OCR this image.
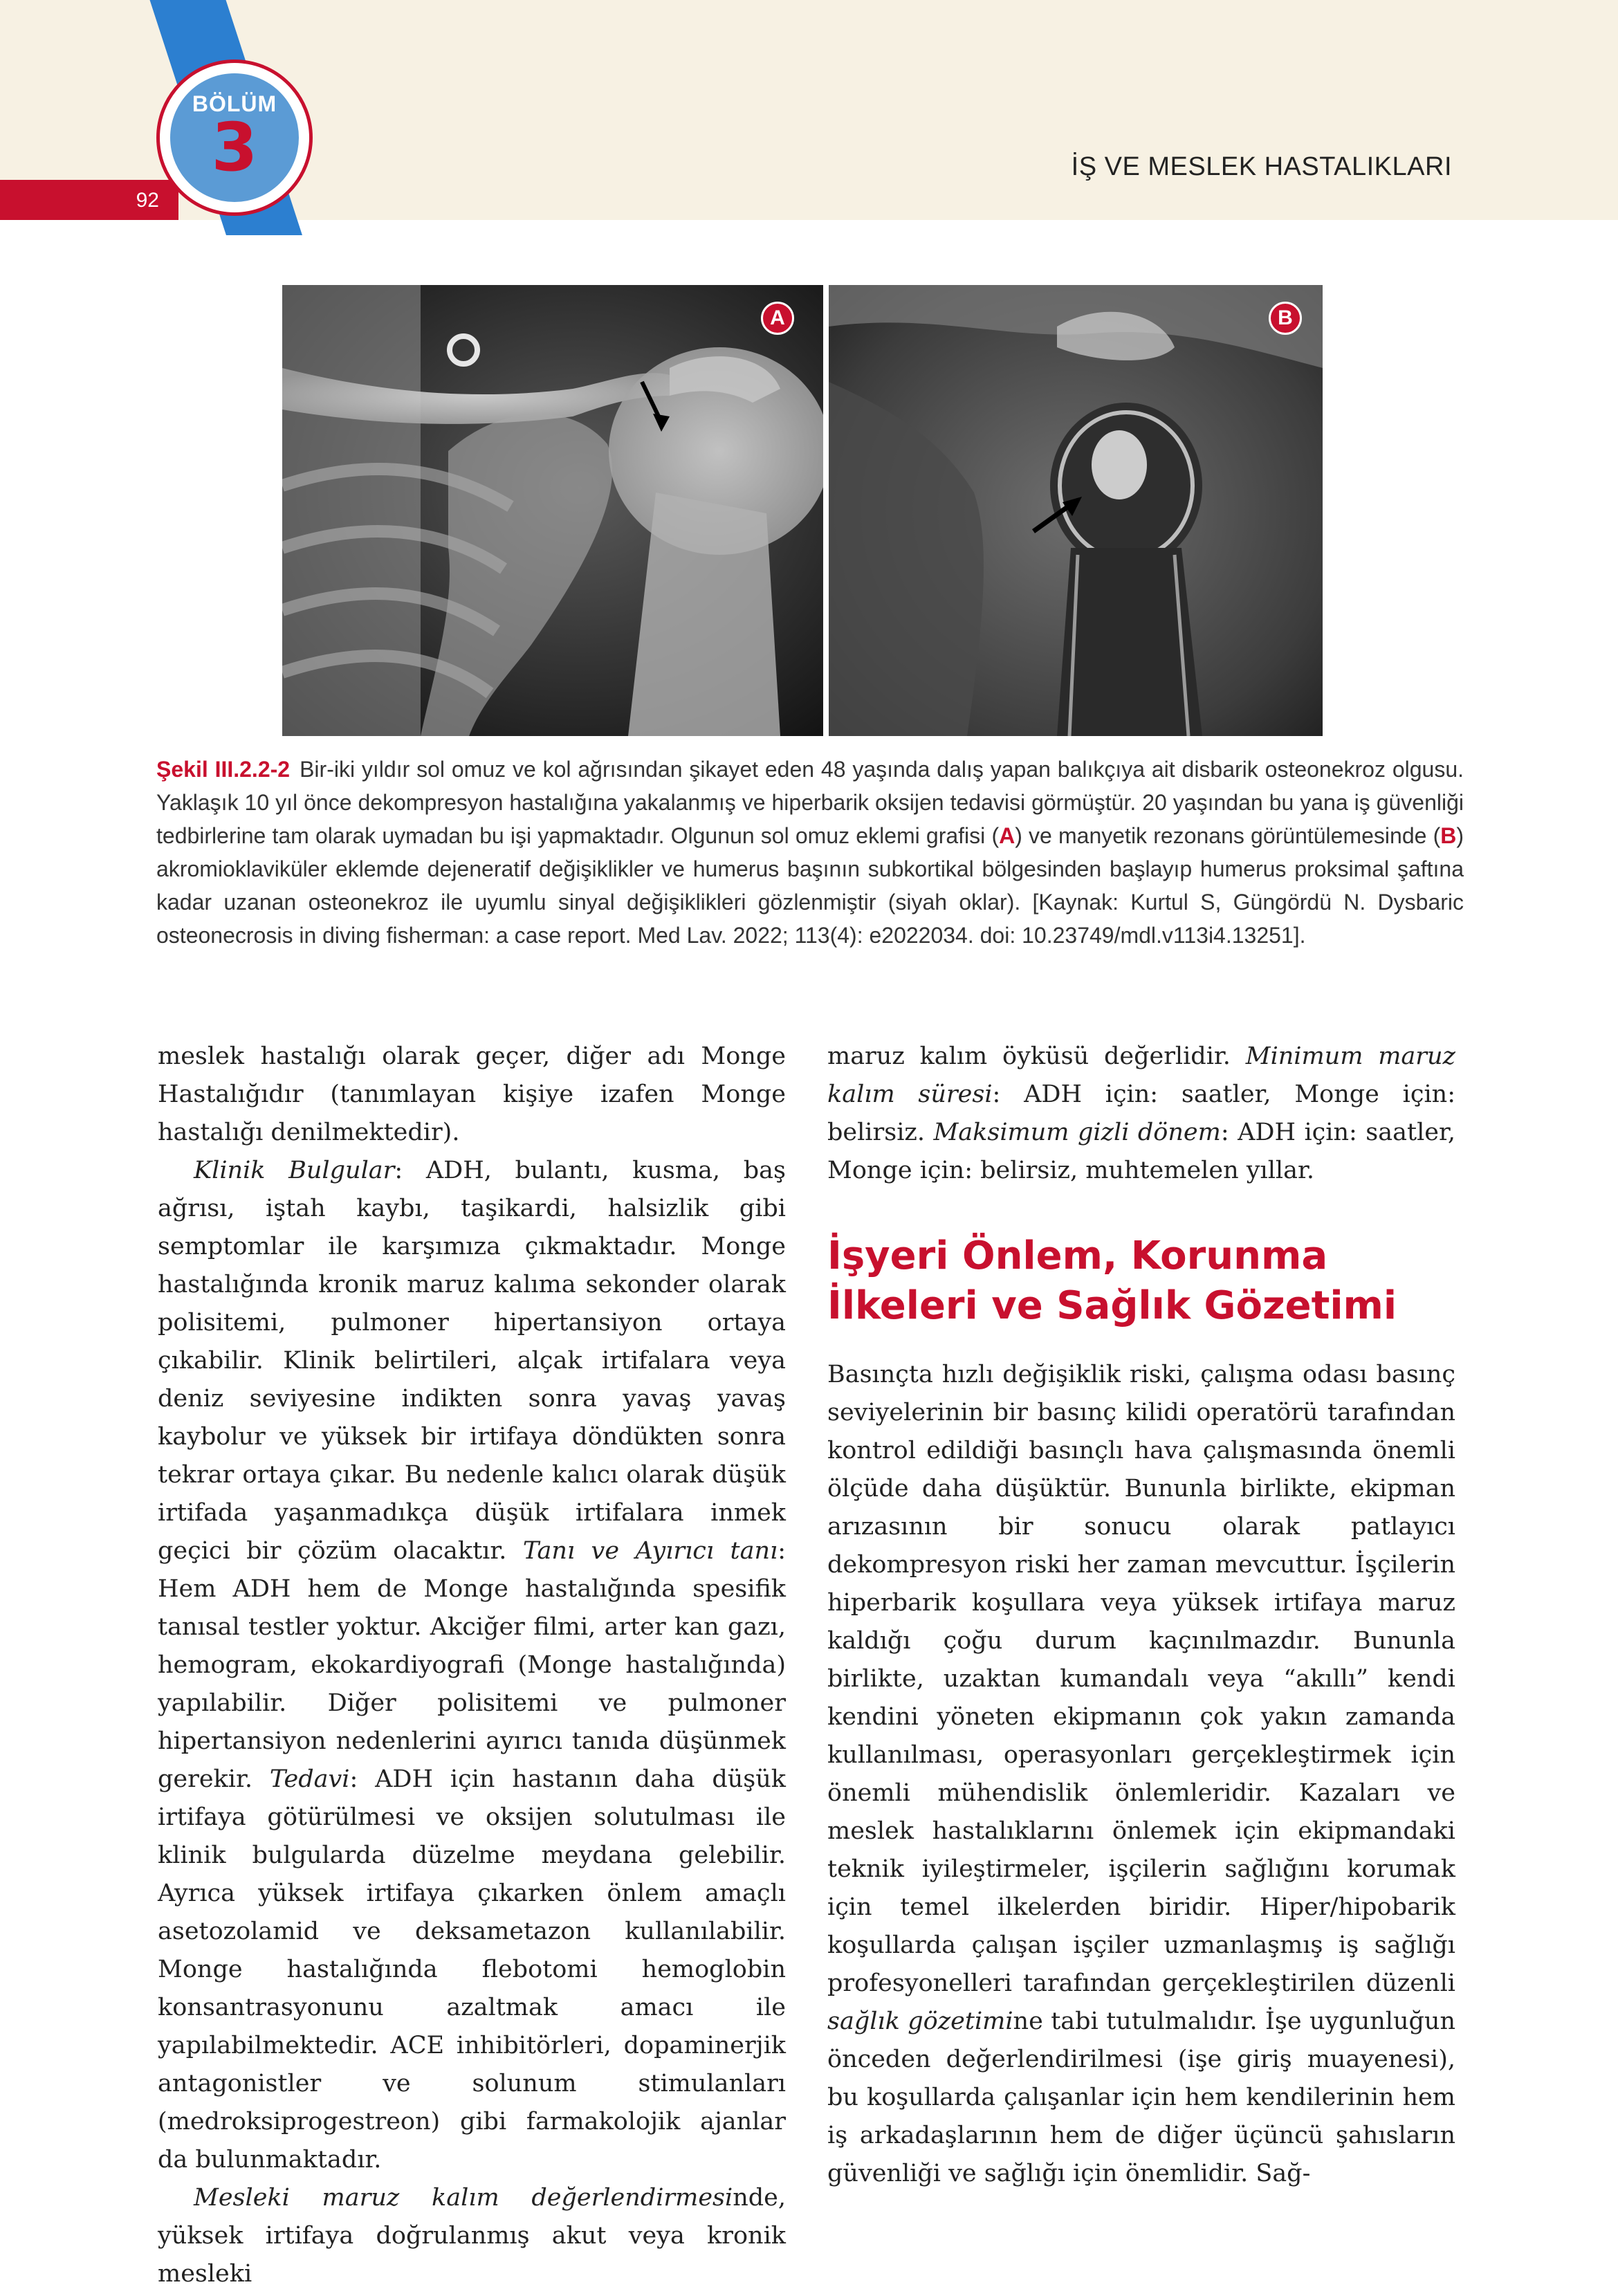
92
BÖLÜM
3	İŞ VE MESLEK HASTALIKLARI
A	B
Şekil III.2.2-2 Bir-iki yıldır sol omuz ve kol ağrısından şikayet eden 48 yaşında dalış yapan balıkçıya ait disbarik osteonekroz olgusu. Yaklaşık 10 yıl önce dekompresyon hastalığına yakalanmış ve hiperbarik oksijen tedavisi görmüştür. 20 yaşından bu yana iş güvenliği tedbirlerine tam olarak uymadan bu işi yapmaktadır. Olgunun sol omuz eklemi grafisi (A) ve manyetik rezonans görüntülemesinde (B) akromioklaviküler eklemde dejeneratif değişiklikler ve humerus başının subkortikal bölgesinden başlayıp humerus proksimal şaftına kadar uzanan osteonekroz ile uyumlu sinyal değişiklikleri gözlenmiştir (siyah oklar). [Kaynak: Kurtul S, Güngördü N. Dysbaric osteonecrosis in diving fisherman: a case report. Med Lav. 2022; 113(4): e2022034. doi: 10.23749/mdl.v113i4.13251].

meslek hastalığı olarak geçer, diğer adı Monge Hastalığıdır (tanımlayan kişiye izafen Monge hastalığı denilmektedir).

Klinik Bulgular: ADH, bulantı, kusma, baş ağrısı, iştah kaybı, taşikardi, halsizlik gibi semptomlar ile karşımıza çıkmaktadır. Monge hastalığında kronik maruz kalıma sekonder olarak polisitemi, pulmoner hipertansiyon ortaya çıkabilir. Klinik belirtileri, alçak irtifalara veya deniz seviyesine indikten sonra yavaş yavaş kaybolur ve yüksek bir irtifaya döndükten sonra tekrar ortaya çıkar. Bu nedenle kalıcı olarak düşük irtifada yaşanmadıkça düşük irtifalara inmek geçici bir çözüm olacaktır. Tanı ve Ayırıcı tanı: Hem ADH hem de Monge hastalığında spesifik tanısal testler yoktur. Akciğer filmi, arter kan gazı, hemogram, ekokardiyografi (Monge hastalığında) yapılabilir. Diğer polisitemi ve pulmoner hipertansiyon nedenlerini ayırıcı tanıda düşünmek gerekir. Tedavi: ADH için hastanın daha düşük irtifaya götürülmesi ve oksijen solutulması ile klinik bulgularda düzelme meydana gelebilir. Ayrıca yüksek irtifaya çıkarken önlem amaçlı asetozolamid ve deksametazon kullanılabilir. Monge hastalığında flebotomi hemoglobin konsantrasyonunu azaltmak amacı ile yapılabilmektedir. ACE inhibitörleri, dopaminerjik antagonistler ve solunum stimulanları (medroksiprogestreon) gibi farmakolojik ajanlar da bulunmaktadır.

Mesleki maruz kalım değerlendirmesinde, yüksek irtifaya doğrulanmış akut veya kronik mesleki

maruz kalım öyküsü değerlidir. Minimum maruz kalım süresi: ADH için: saatler, Monge için: belirsiz. Maksimum gizli dönem: ADH için: saatler, Monge için: belirsiz, muhtemelen yıllar.

İşyeri Önlem, Korunma İlkeleri ve Sağlık Gözetimi

Basınçta hızlı değişiklik riski, çalışma odası basınç seviyelerinin bir basınç kilidi operatörü tarafından kontrol edildiği basınçlı hava çalışmasında önemli ölçüde daha düşüktür. Bununla birlikte, ekipman arızasının bir sonucu olarak patlayıcı dekompresyon riski her zaman mevcuttur. İşçilerin hiperbarik koşullara veya yüksek irtifaya maruz kaldığı çoğu durum kaçınılmazdır. Bununla birlikte, uzaktan kumandalı veya “akıllı” kendi kendini yöneten ekipmanın çok yakın zamanda kullanılması, operasyonları gerçekleştirmek için önemli mühendislik önlemleridir. Kazaları ve meslek hastalıklarını önlemek için ekipmandaki teknik iyileştirmeler, işçilerin sağlığını korumak için temel ilkelerden biridir. Hiper/hipobarik koşullarda çalışan işçiler uzmanlaşmış iş sağlığı profesyonelleri tarafından gerçekleştirilen düzenli sağlık gözetimine tabi tutulmalıdır. İşe uygunluğun önceden değerlendirilmesi (işe giriş muayenesi), bu koşullarda çalışanlar için hem kendilerinin hem iş arkadaşlarının hem de diğer üçüncü şahısların güvenliği ve sağlığı için önemlidir. Sağ-
